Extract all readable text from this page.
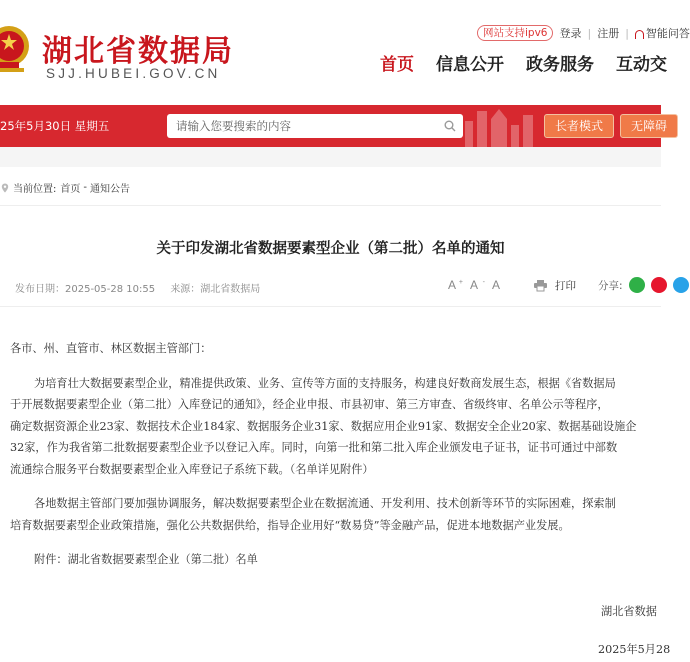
湖北省数据局
SJJ.HUBEI.GOV.CN
网站支持ipv6	登录 | 注册 |	智能问答
首页 信息公开 政务服务 互动交
25年5月30日 星期五
请输入您要搜索的内容	长者模式	无障碍
当前位置: 首页 - 通知公告
关于印发湖北省数据要素型企业（第二批）名单的通知
发布日期：2025-05-28 10:55 来源：湖北省数据局	A + A - A	打印 分享:

各市、州、直管市、林区数据主管部门：

为培育壮大数据要素型企业，精准提供政策、业务、宣传等方面的支持服务，构建良好数商发展生态，根据《省数据局

于开展数据要素型企业（第二批）入库登记的通知》，经企业申报、市县初审、第三方审查、省级终审、名单公示等程序，

确定数据资源企业23家、数据技术企业184家、数据服务企业31家、数据应用企业91家、数据安全企业20家、数据基础设施企

32家，作为我省第二批数据要素型企业予以登记入库。同时，向第一批和第二批入库企业颁发电子证书，证书可通过中部数

流通综合服务平台数据要素型企业入库登记子系统下载。（名单详见附件）

各地数据主管部门要加强协调服务，解决数据要素型企业在数据流通、开发利用、技术创新等环节的实际困难，探索制

培育数据要素型企业政策措施，强化公共数据供给，指导企业用好“数易贷”等金融产品，促进本地数据产业发展。

附件：湖北省数据要素型企业（第二批）名单

湖北省数据
2025年5月28
